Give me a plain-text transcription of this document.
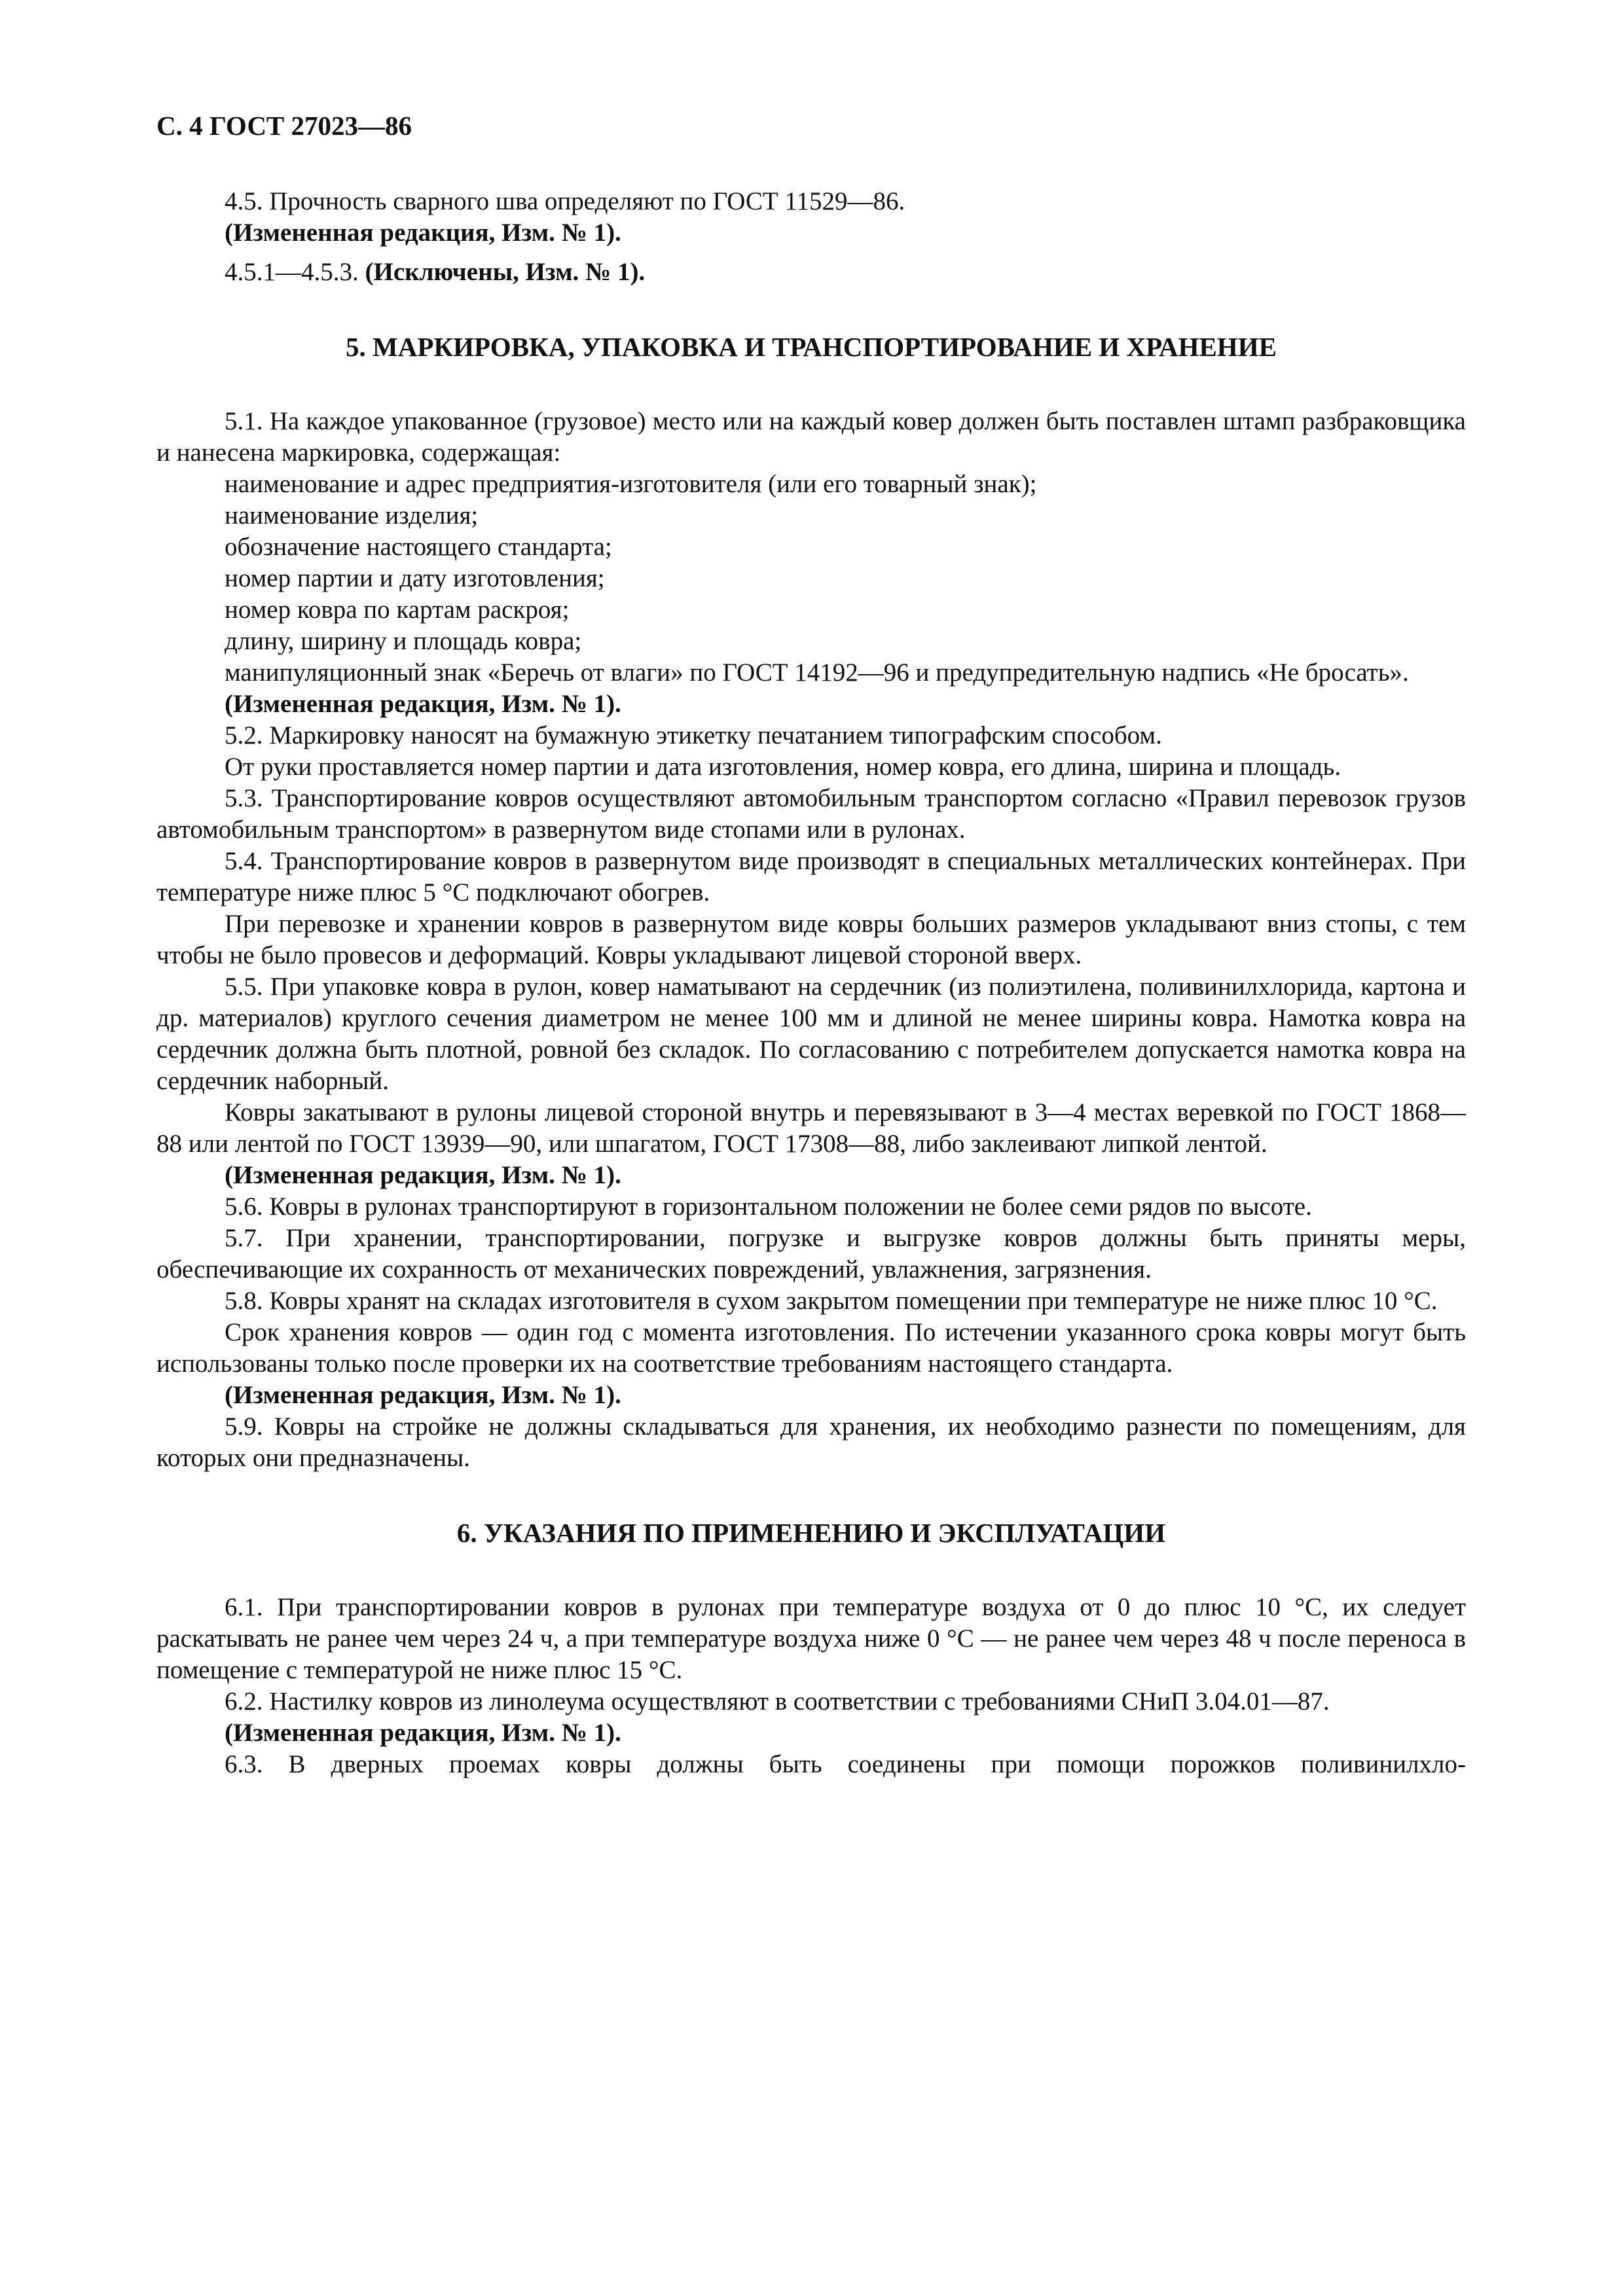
С. 4 ГОСТ 27023—86

4.5. Прочность сварного шва определяют по ГОСТ 11529—86.

(Измененная редакция, Изм. № 1).

4.5.1—4.5.3. (Исключены, Изм. № 1).

5. МАРКИРОВКА, УПАКОВКА И ТРАНСПОРТИРОВАНИЕ И ХРАНЕНИЕ

5.1. На каждое упакованное (грузовое) место или на каждый ковер должен быть поставлен штамп разбраковщика и нанесена маркировка, содержащая:

наименование и адрес предприятия-изготовителя (или его товарный знак);

наименование изделия;

обозначение настоящего стандарта;

номер партии и дату изготовления;

номер ковра по картам раскроя;

длину, ширину и площадь ковра;

манипуляционный знак «Беречь от влаги» по ГОСТ 14192—96 и предупредительную надпись «Не бросать».

(Измененная редакция, Изм. № 1).

5.2. Маркировку наносят на бумажную этикетку печатанием типографским способом.

От руки проставляется номер партии и дата изготовления, номер ковра, его длина, ширина и площадь.

5.3. Транспортирование ковров осуществляют автомобильным транспортом согласно «Правил перевозок грузов автомобильным транспортом» в развернутом виде стопами или в рулонах.

5.4. Транспортирование ковров в развернутом виде производят в специальных металлических контейнерах. При температуре ниже плюс 5 °С подключают обогрев.

При перевозке и хранении ковров в развернутом виде ковры больших размеров укладывают вниз стопы, с тем чтобы не было провесов и деформаций. Ковры укладывают лицевой стороной вверх.

5.5. При упаковке ковра в рулон, ковер наматывают на сердечник (из полиэтилена, поливинилхлорида, картона и др. материалов) круглого сечения диаметром не менее 100 мм и длиной не менее ширины ковра. Намотка ковра на сердечник должна быть плотной, ровной без складок. По согласованию с потребителем допускается намотка ковра на сердечник наборный.

Ковры закатывают в рулоны лицевой стороной внутрь и перевязывают в 3—4 местах веревкой по ГОСТ 1868—88 или лентой по ГОСТ 13939—90, или шпагатом, ГОСТ 17308—88, либо заклеивают липкой лентой.

(Измененная редакция, Изм. № 1).

5.6. Ковры в рулонах транспортируют в горизонтальном положении не более семи рядов по высоте.

5.7. При хранении, транспортировании, погрузке и выгрузке ковров должны быть приняты меры, обеспечивающие их сохранность от механических повреждений, увлажнения, загрязнения.

5.8. Ковры хранят на складах изготовителя в сухом закрытом помещении при температуре не ниже плюс 10 °С.

Срок хранения ковров — один год с момента изготовления. По истечении указанного срока ковры могут быть использованы только после проверки их на соответствие требованиям настоящего стандарта.

(Измененная редакция, Изм. № 1).

5.9. Ковры на стройке не должны складываться для хранения, их необходимо разнести по помещениям, для которых они предназначены.

6. УКАЗАНИЯ ПО ПРИМЕНЕНИЮ И ЭКСПЛУАТАЦИИ

6.1. При транспортировании ковров в рулонах при температуре воздуха от 0 до плюс 10 °С, их следует раскатывать не ранее чем через 24 ч, а при температуре воздуха ниже 0 °С — не ранее чем через 48 ч после переноса в помещение с температурой не ниже плюс 15 °С.

6.2. Настилку ковров из линолеума осуществляют в соответствии с требованиями СНиП 3.04.01—87.

(Измененная редакция, Изм. № 1).

6.3. В дверных проемах ковры должны быть соединены при помощи порожков поливинилхло-
